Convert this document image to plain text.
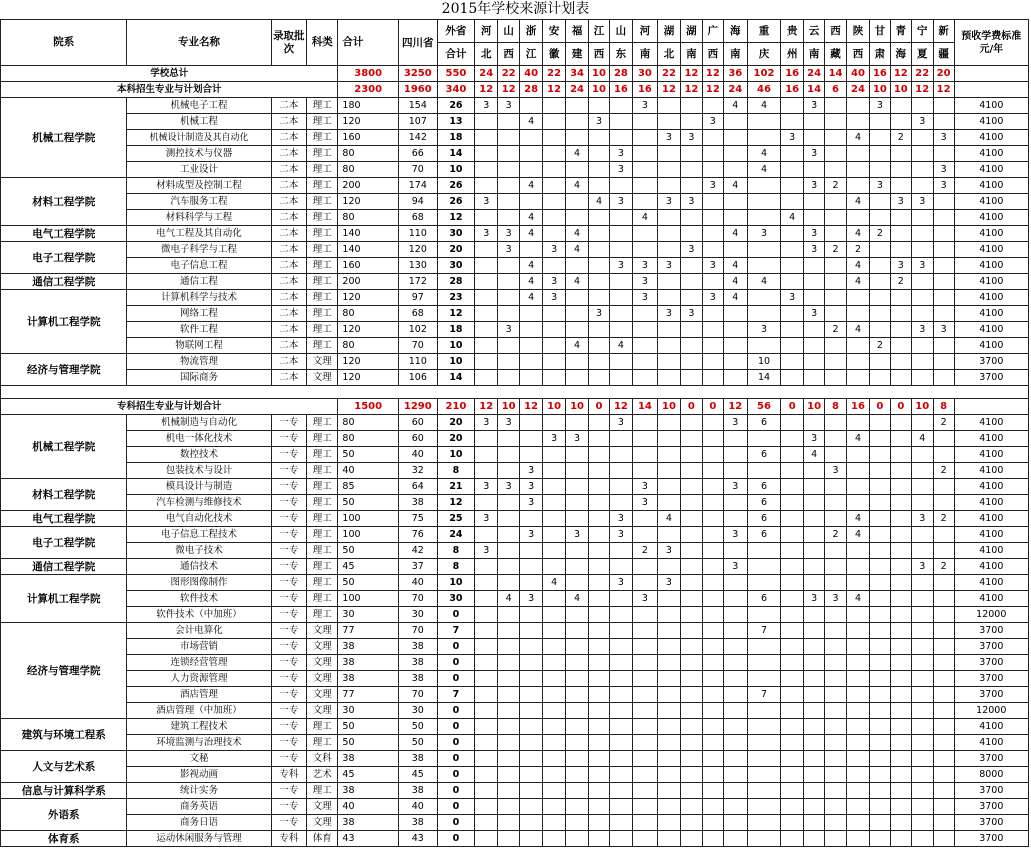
2015年学校来源计划表
院系	专业名称	录取批次	科类	合计	四川省	外省	河	山	浙	安	福	江	山	河	湖	湖	广	海	重	贵	云	西	陕	甘	青	宁	新	预收学费标准元/年
						合计	北	西	江	徽	建	西	东	南	北	南	西	南	庆	州	南	藏	西	肃	海	夏	疆	
学校总计				3800	3250	550	24	22	40	22	34	10	28	30	22	12	12	36	102	16	24	14	40	16	12	22	20	
本科招生专业与计划合计				2300	1960	340	12	12	28	12	24	10	16	16	12	12	12	24	46	16	14	6	24	10	10	12	12	
机械工程学院	机械电子工程	二本	理工	180	154	26	3	3						3				4	4		3			3				4100
	机械工程	二本	理工	120	107	13			4			3					3									3		4100
	机械设计制造及其自动化	二本	理工	160	142	18									3	3				3			4		2		3	4100
	测控技术与仪器	二本	理工	80	66	14					4		3						4		3							4100
	工业设计	二本	理工	80	70	10							3						4								3	4100
材料工程学院	材料成型及控制工程	二本	理工	200	174	26			4		4						3	4			3	2		3			3	4100
	汽车服务工程	二本	理工	120	94	26	3					4	3		3	3							4		3	3		4100
	材料科学与工程	二本	理工	80	68	12			4					4						4								4100
电气工程学院	电气工程及其自动化	二本	理工	140	110	30	3	3	4		4							4	3		3		4	2				4100
电子工程学院	微电子科学与工程	二本	理工	140	120	20		3		3	4					3					3	2	2					4100
	电子信息工程	二本	理工	160	130	30			4				3	3	3		3	4					4		3	3		4100
通信工程学院	通信工程	二本	理工	200	172	28			4	3	4			3				4	4				4		2			4100
计算机工程学院	计算机科学与技术	二本	理工	120	97	23			4	3				3			3	4		3								4100
	网络工程	二本	理工	80	68	12						3			3	3					3							4100
	软件工程	二本	理工	120	102	18		3											3			2	4			3	3	4100
	物联网工程	二本	理工	80	70	10					4		4											2				4100
经济与管理学院	物流管理	二本	文理	120	110	10													10									3700
	国际商务	二本	文理	120	106	14													14									3700

专科招生专业与计划合计				1500	1290	210	12	10	12	10	10	0	12	14	10	0	0	12	56	0	10	8	16	0	0	10	8	
机械工程学院	机械制造与自动化	一专	理工	80	60	20	3	3					3					3	6								2	4100
	机电一体化技术	一专	理工	80	60	20				3	3										3		4			4		4100
	数控技术	一专	理工	50	40	10													6		4							4100
	包装技术与设计	一专	理工	40	32	8			3													3					2	4100
材料工程学院	模具设计与制造	一专	理工	85	64	21	3	3	3					3				3	6									4100
	汽车检测与维修技术	一专	理工	50	38	12			3					3					6									4100
电气工程学院	电气自动化技术	一专	理工	100	75	25	3						3		4				6				4			3	2	4100
电子工程学院	电子信息工程技术	一专	理工	100	76	24			3		3		3					3	6			2	4					4100
	微电子技术	一专	理工	50	42	8	3							2	3													4100
通信工程学院	通信技术	一专	理工	45	37	8												3								3	2	4100
计算机工程学院	图形图像制作	一专	理工	50	40	10				4			3		3													4100
	软件技术	一专	理工	100	70	30		4	3		4			3					6		3	3	4					4100
	软件技术（中加班）	一专	理工	30	30	0																						12000
经济与管理学院	会计电算化	一专	文理	77	70	7													7									3700
	市场营销	一专	文理	38	38	0																						3700
	连锁经营管理	一专	文理	38	38	0																						3700
	人力资源管理	一专	文理	38	38	0																						3700
	酒店管理	一专	文理	77	70	7													7									3700
	酒店管理（中加班）	一专	文理	30	30	0																						12000
建筑与环境工程系	建筑工程技术	一专	理工	50	50	0																						4100
	环境监测与治理技术	一专	理工	50	50	0																						4100
人文与艺术系	文秘	一专	文科	38	38	0																						3700
	影视动画	专科	艺术	45	45	0																						8000
信息与计算科学系	统计实务	一专	理工	38	38	0																						3700
外语系	商务英语	一专	文理	40	40	0																						3700
	商务日语	一专	文理	38	38	0																						3700
体育系	运动休闲服务与管理	专科	体育	43	43	0																						3700
